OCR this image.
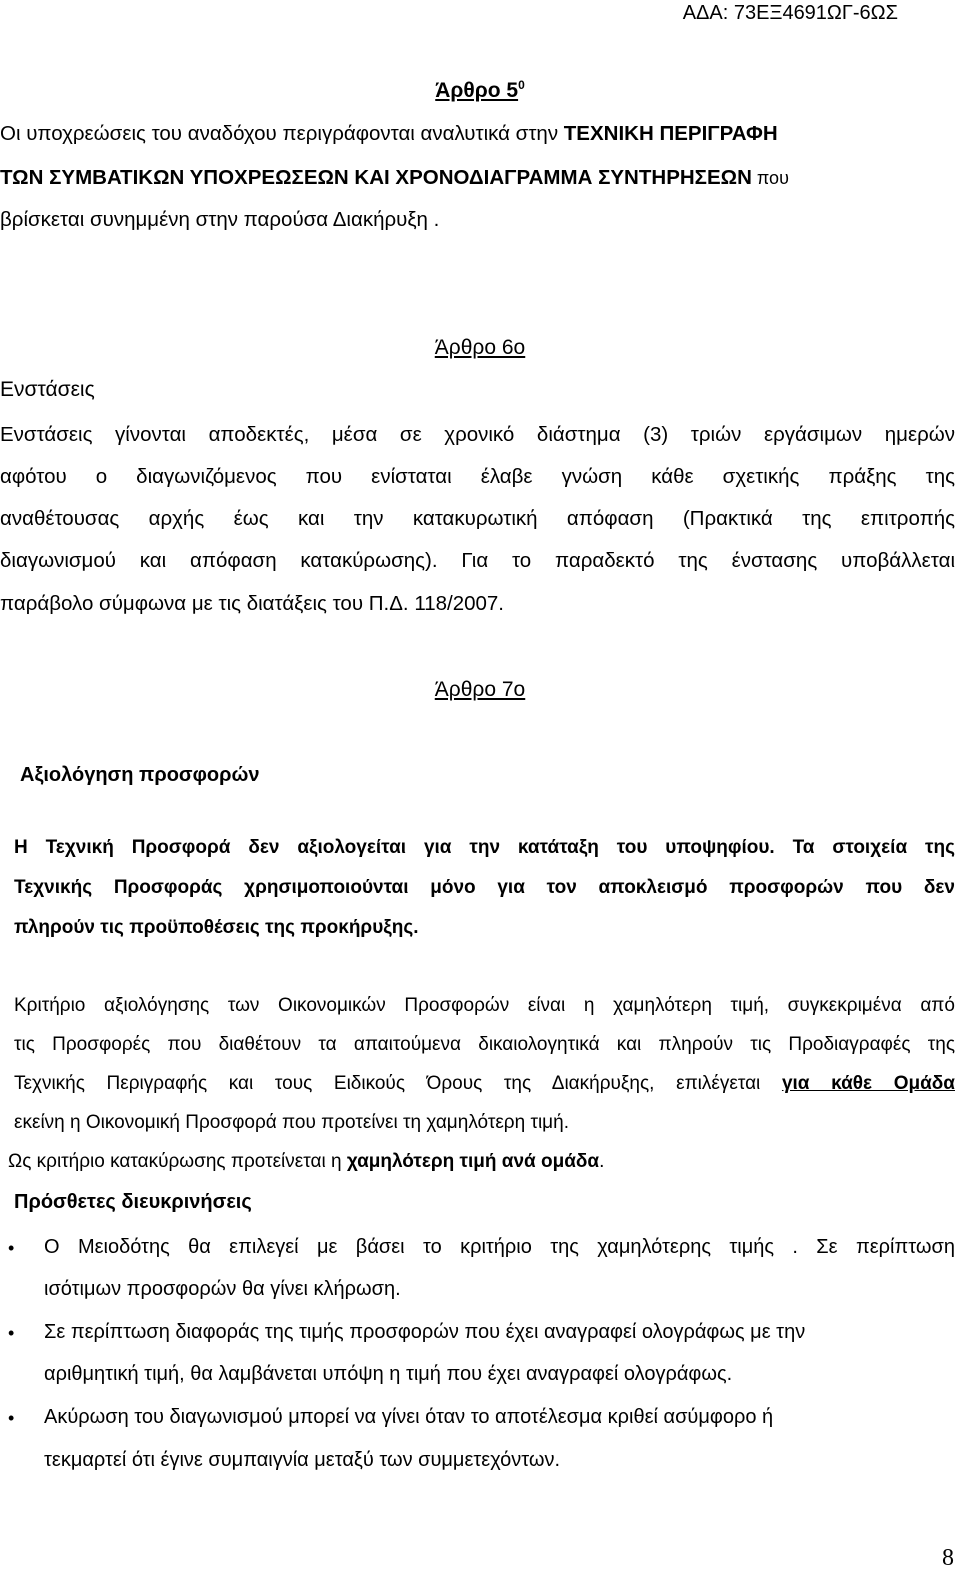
ΑΔΑ: 73ΕΞ4691ΩΓ-6ΩΣ
Άρθρο $5^0$
Οι υποχρεώσεις του αναδόχου περιγράφονται αναλυτικά στην ΤΕΧΝΙΚΗ ΠΕΡΙΓΡΑΦΗ
ΤΩΝ ΣΥΜΒΑΤΙΚΩΝ ΥΠΟΧΡΕΩΣΕΩΝ ΚΑΙ ΧΡΟΝΟΔΙΑΓΡΑΜΜΑ ΣΥΝΤΗΡΗΣΕΩΝ που
βρίσκεται συνημμένη στην παρούσα Διακήρυξη .
Άρθρο 6ο
Ενστάσεις
Ενστάσεις γίνονται αποδεκτές, μέσα σε χρονικό διάστημα (3) τριών εργάσιμων ημερών
αφότου ο διαγωνιζόμενος που ενίσταται έλαβε γνώση κάθε σχετικής πράξης της
αναθέτουσας αρχής έως και την κατακυρωτική απόφαση (Πρακτικά της επιτροπής
διαγωνισμού και απόφαση κατακύρωσης). Για το παραδεκτό της ένστασης υποβάλλεται
παράβολο σύμφωνα με τις διατάξεις του Π.Δ. 118/2007.
Άρθρο 7ο
Αξιολόγηση προσφορών
Η Τεχνική Προσφορά δεν αξιολογείται για την κατάταξη του υποψηφίου. Τα στοιχεία της
Τεχνικής Προσφοράς χρησιμοποιούνται μόνο για τον αποκλεισμό προσφορών που δεν
πληρούν τις προϋποθέσεις της προκήρυξης.
Κριτήριο αξιολόγησης των Οικονομικών Προσφορών είναι η χαμηλότερη τιμή, συγκεκριμένα από
τις Προσφορές που διαθέτουν τα απαιτούμενα δικαιολογητικά και πληρούν τις Προδιαγραφές της
Τεχνικής Περιγραφής και τους Ειδικούς Όρους της Διακήρυξης, επιλέγεται για κάθε Ομάδα
εκείνη η Οικονομική Προσφορά που προτείνει τη χαμηλότερη τιμή.
Ως κριτήριο κατακύρωσης προτείνεται η χαμηλότερη τιμή ανά ομάδα.
Πρόσθετες διευκρινήσεις
• Ο Μειοδότης θα επιλεγεί με βάσει το κριτήριο της χαμηλότερης τιμής . Σε περίπτωση
ισότιμων προσφορών θα γίνει κλήρωση.
• Σε περίπτωση διαφοράς της τιμής προσφορών που έχει αναγραφεί ολογράφως με την
αριθμητική τιμή, θα λαμβάνεται υπόψη η τιμή που έχει αναγραφεί ολογράφως.
• Ακύρωση του διαγωνισμού μπορεί να γίνει όταν το αποτέλεσμα κριθεί ασύμφορο ή
τεκμαρτεί ότι έγινε συμπαιγνία μεταξύ των συμμετεχόντων.
8
